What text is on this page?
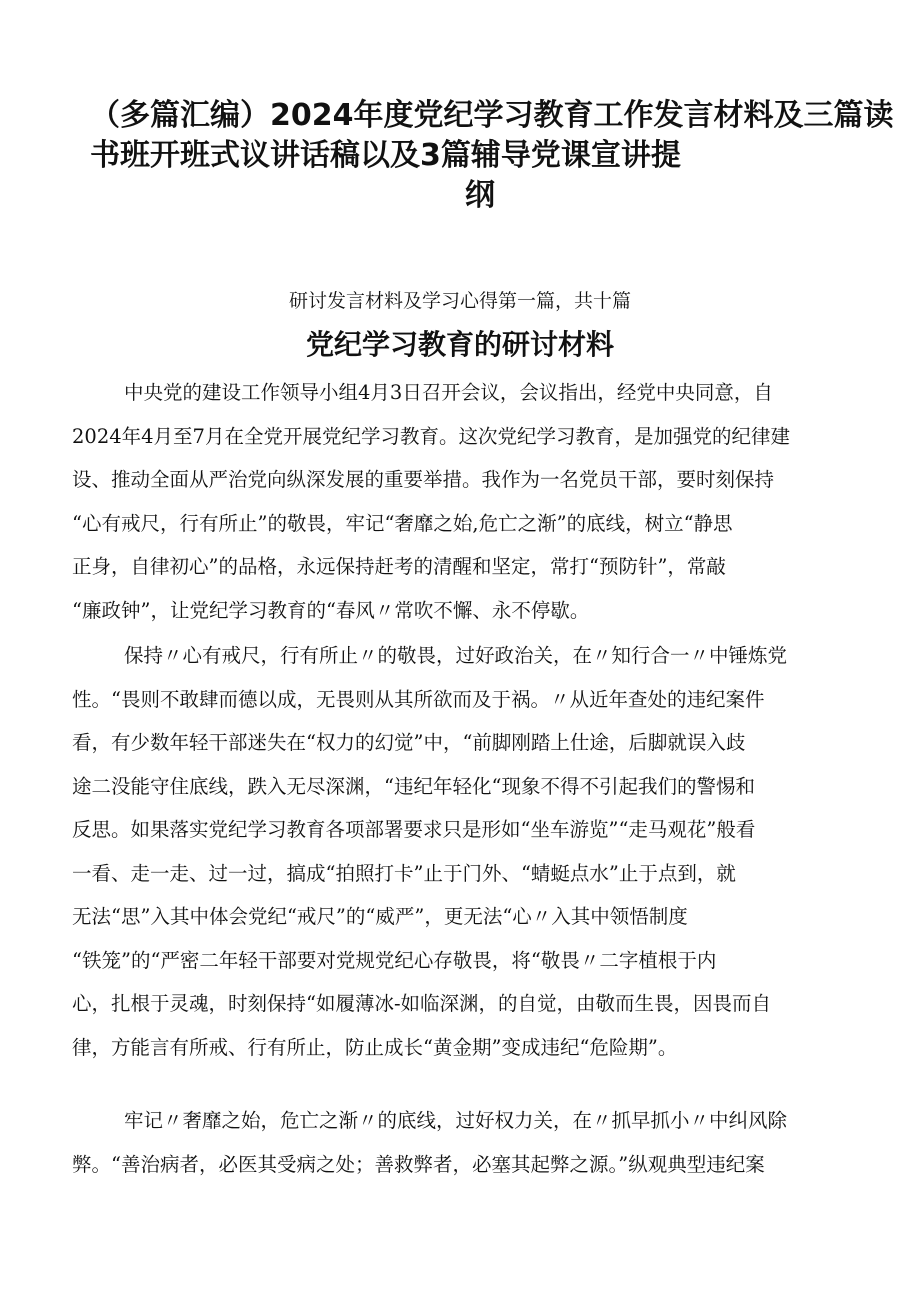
（多篇汇编）2024年度党纪学习教育工作发言材料及三篇读
书班开班式议讲话稿以及3篇辅导党课宣讲提
纲
研讨发言材料及学习心得第一篇，共十篇
党纪学习教育的研讨材料
中央党的建设工作领导小组4月3日召开会议，会议指出，经党中央同意，自
2024年4月至7月在全党开展党纪学习教育。这次党纪学习教育，是加强党的纪律建
设、推动全面从严治党向纵深发展的重要举措。我作为一名党员干部，要时刻保持
“心有戒尺，行有所止”的敬畏，牢记“奢靡之始,危亡之渐”的底线，树立“静思
正身，自律初心”的品格，永远保持赶考的清醒和坚定，常打“预防针”，常敲
“廉政钟”，让党纪学习教育的“春风〃常吹不懈、永不停歇。
保持〃心有戒尺，行有所止〃的敬畏，过好政治关，在〃知行合一〃中锤炼党
性。“畏则不敢肆而德以成，无畏则从其所欲而及于祸。〃从近年查处的违纪案件
看，有少数年轻干部迷失在“权力的幻觉”中，“前脚刚踏上仕途，后脚就误入歧
途二没能守住底线，跌入无尽深渊，“违纪年轻化“现象不得不引起我们的警惕和
反思。如果落实党纪学习教育各项部署要求只是形如“坐车游览”“走马观花”般看
一看、走一走、过一过，搞成“拍照打卡”止于门外、“蜻蜓点水”止于点到，就
无法“思”入其中体会党纪“戒尺”的“威严”，更无法“心〃入其中领悟制度
“铁笼”的“严密二年轻干部要对党规党纪心存敬畏，将“敬畏〃二字植根于内
心，扎根于灵魂，时刻保持“如履薄冰-如临深渊，的自觉，由敬而生畏，因畏而自
律，方能言有所戒、行有所止，防止成长“黄金期”变成违纪“危险期”。
牢记〃奢靡之始，危亡之渐〃的底线，过好权力关，在〃抓早抓小〃中纠风除
弊。“善治病者，必医其受病之处；善救弊者，必塞其起弊之源。”纵观典型违纪案
